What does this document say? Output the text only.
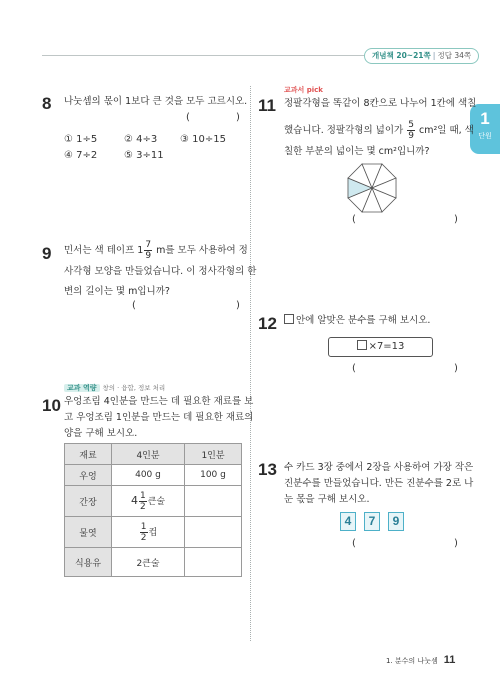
개념책 20~21쪽 | 정답 34쪽
1
단원
8 나눗셈의 몫이 1보다 큰 것을 모두 고르시오.
(	)
① 1÷5	② 4÷3 ③ 10÷15
④ 7÷2	⑤ 3÷11
9 민서는 색 테이프 $1 \frac{7}{9}$ m를 모두 사용하여 정
사각형 모양을 만들었습니다. 이 정사각형의 한
변의 길이는 몇 m입니까?
(	)
교과 역량 창의 · 융합, 정보 처리
10 우엉조림 4인분을 만드는 데 필요한 재료를 보
고 우엉조림 1인분을 만드는 데 필요한 재료의
양을 구해 보시오.
재료	4인분	1인분
우엉	400 g	100 g
간장	$4 \frac{1}{2}$ 큰술	
물엿	$\frac{1}{2}$ 컵	
식용유	2큰술	
교과서 pick
11 정팔각형을 똑같이 8칸으로 나누어 1칸에 색칠
했습니다. 정팔각형의 넓이가 $\frac{5}{9} cm^2$일 때, 색
칠한 부분의 넓이는 몇 cm²입니까?
(	)
12	안에 알맞은 분수를 구해 보시오.
×7=13
(	)
13 수 카드 3장 중에서 2장을 사용하여 가장 작은
진분수를 만들었습니다. 만든 진분수를 2로 나
눈 몫을 구해 보시오.
4	7	9
(	)
1. 분수의 나눗셈 11
